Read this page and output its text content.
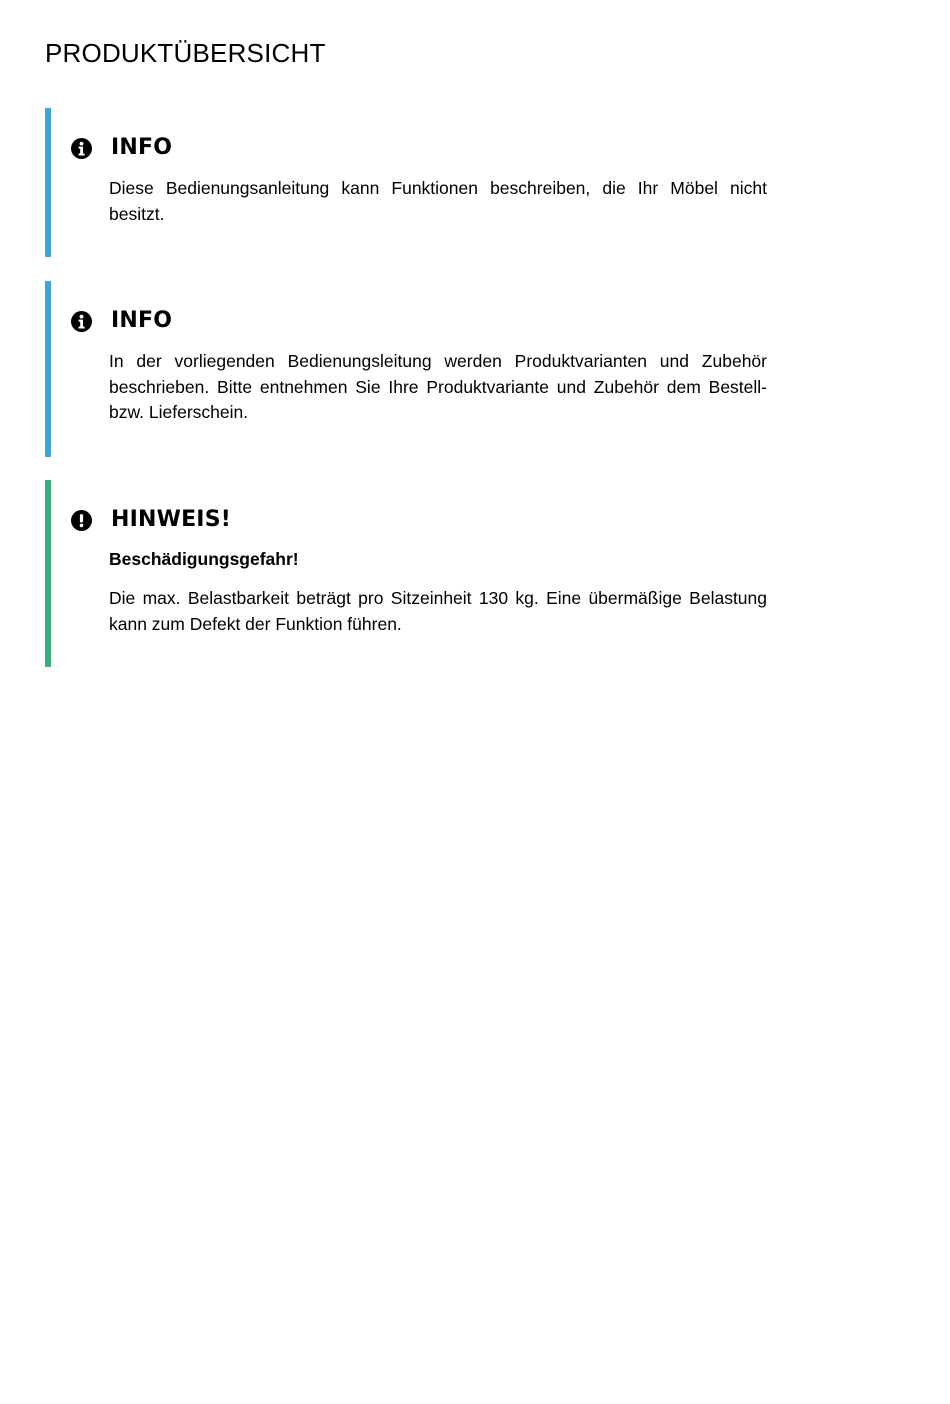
PRODUKTÜBERSICHT
INFO

Diese Bedienungsanleitung kann Funktionen beschreiben, die Ihr Möbel nicht besitzt.

INFO

In der vorliegenden Bedienungsleitung werden Produktvarianten und Zubehör beschrieben. Bitte entnehmen Sie Ihre Produktvariante und Zubehör dem Bestell- bzw. Lieferschein.

HINWEIS!
Beschädigungsgefahr!

Die max. Belastbarkeit beträgt pro Sitzeinheit 130 kg. Eine übermäßige Belastung kann zum Defekt der Funktion führen.
